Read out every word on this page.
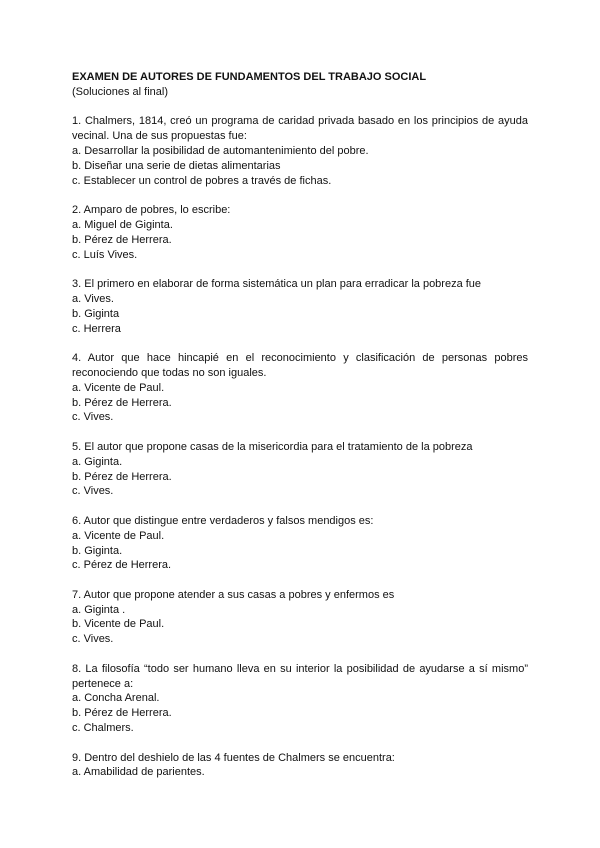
EXAMEN DE AUTORES DE FUNDAMENTOS DEL TRABAJO SOCIAL

(Soluciones al final)

1. Chalmers, 1814, creó un programa de caridad privada basado en los principios de ayuda vecinal. Una de sus propuestas fue:

a. Desarrollar la posibilidad de automantenimiento del pobre.

b. Diseñar una serie de dietas alimentarias

c. Establecer un control de pobres a través de fichas.

2. Amparo de pobres, lo escribe:

a. Miguel de Giginta.

b. Pérez de Herrera.

c. Luís Vives.

3. El primero en elaborar de forma sistemática un plan para erradicar la pobreza fue

a. Vives.

b. Giginta

c. Herrera

4. Autor que hace hincapié en el reconocimiento y clasificación de personas pobres reconociendo que todas no son iguales.

a. Vicente de Paul.

b. Pérez de Herrera.

c. Vives.

5. El autor que propone casas de la misericordia para el tratamiento de la pobreza

a. Giginta.

b. Pérez de Herrera.

c. Vives.

6. Autor que distingue entre verdaderos y falsos mendigos es:

a. Vicente de Paul.

b. Giginta.

c. Pérez de Herrera.

7. Autor que propone atender a sus casas a pobres y enfermos es

a. Giginta .

b. Vicente de Paul.

c. Vives.

8. La filosofía “todo ser humano lleva en su interior la posibilidad de ayudarse a sí mismo” pertenece a:

a. Concha Arenal.

b. Pérez de Herrera.

c. Chalmers.

9. Dentro del deshielo de las 4 fuentes de Chalmers se encuentra:

a. Amabilidad de parientes.
